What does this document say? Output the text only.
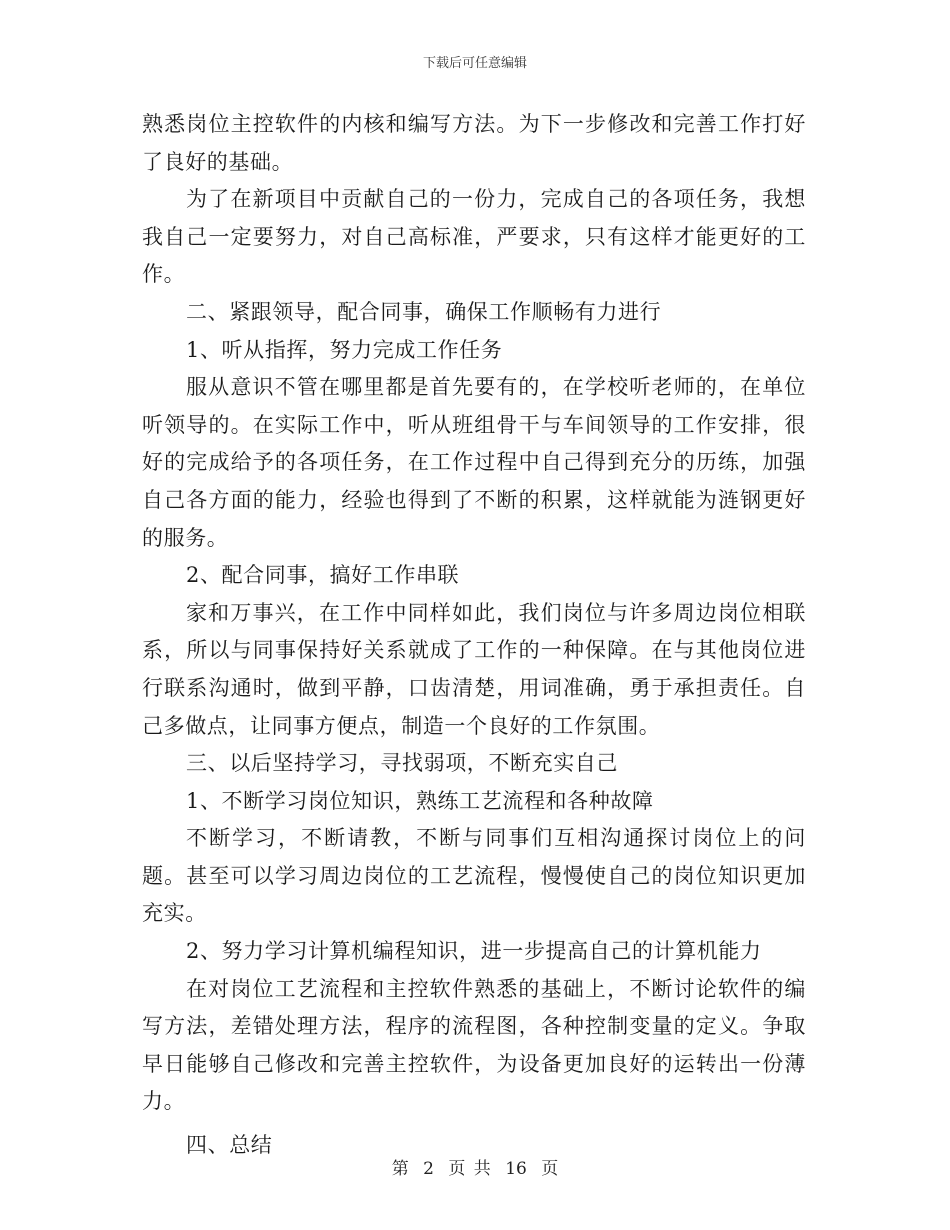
下载后可任意编辑

熟悉岗位主控软件的内核和编写方法。为下一步修改和完善工作打好了良好的基础。

为了在新项目中贡献自己的一份力，完成自己的各项任务，我想我自己一定要努力，对自己高标准，严要求，只有这样才能更好的工作。

二、紧跟领导，配合同事，确保工作顺畅有力进行

1、听从指挥，努力完成工作任务

服从意识不管在哪里都是首先要有的，在学校听老师的，在单位听领导的。在实际工作中，听从班组骨干与车间领导的工作安排，很好的完成给予的各项任务，在工作过程中自己得到充分的历练，加强自己各方面的能力，经验也得到了不断的积累，这样就能为涟钢更好的服务。

2、配合同事，搞好工作串联

家和万事兴，在工作中同样如此，我们岗位与许多周边岗位相联系，所以与同事保持好关系就成了工作的一种保障。在与其他岗位进行联系沟通时，做到平静，口齿清楚，用词准确，勇于承担责任。自己多做点，让同事方便点，制造一个良好的工作氛围。

三、以后坚持学习，寻找弱项，不断充实自己

1、不断学习岗位知识，熟练工艺流程和各种故障

不断学习，不断请教，不断与同事们互相沟通探讨岗位上的问题。甚至可以学习周边岗位的工艺流程，慢慢使自己的岗位知识更加充实。

2、努力学习计算机编程知识，进一步提高自己的计算机能力

在对岗位工艺流程和主控软件熟悉的基础上，不断讨论软件的编写方法，差错处理方法，程序的流程图，各种控制变量的定义。争取早日能够自己修改和完善主控软件，为设备更加良好的运转出一份薄力。

四、总结

第 2 页 共 16 页
